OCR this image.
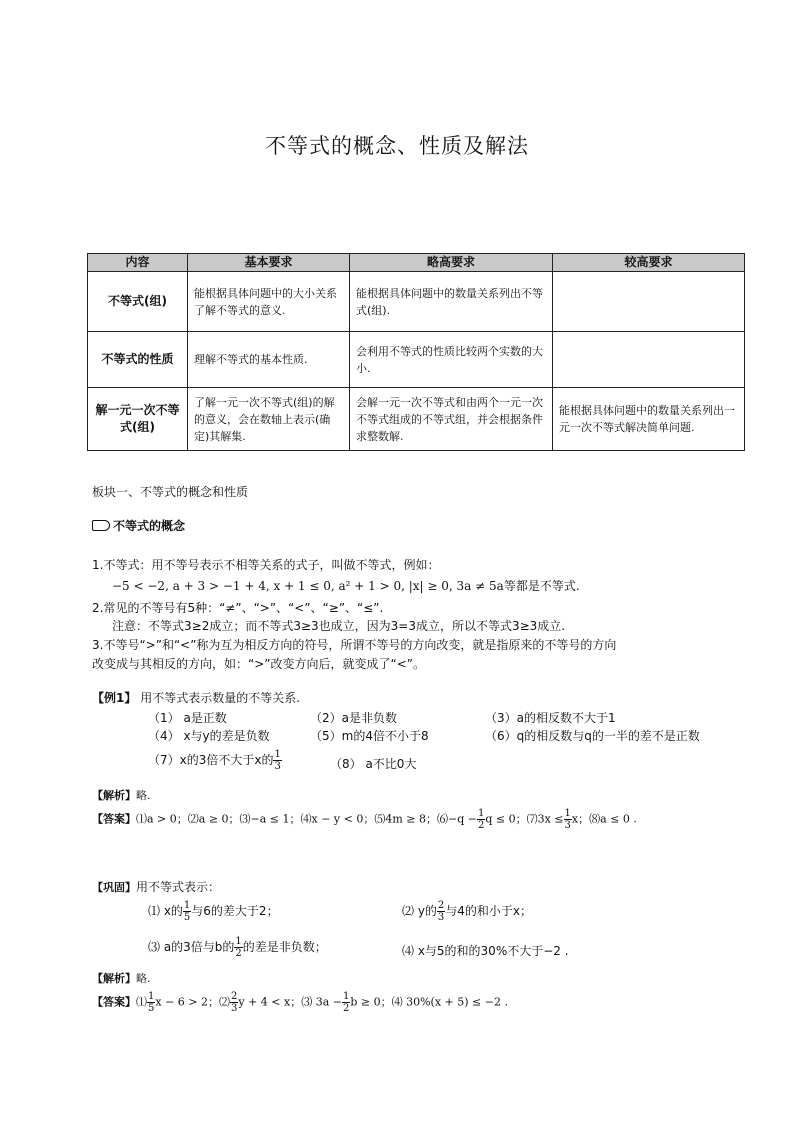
不等式的概念、性质及解法
内容	基本要求	略高要求	较高要求
不等式(组)	能根据具体问题中的大小关系了解不等式的意义.	能根据具体问题中的数量关系列出不等式(组).	
不等式的性质	理解不等式的基本性质.	会利用不等式的性质比较两个实数的大小.	
解一元一次不等式(组)	了解一元一次不等式(组)的解的意义，会在数轴上表示(确定)其解集.	会解一元一次不等式和由两个一元一次不等式组成的不等式组，并会根据条件求整数解.	能根据具体问题中的数量关系列出一元一次不等式解决简单问题.
板块一、不等式的概念和性质
不等式的概念
1.不等式：用不等号表示不相等关系的式子，叫做不等式，例如：
−5 < −2, a + 3 > −1 + 4, x + 1 ≤ 0, a² + 1 > 0, |x| ≥ 0, 3a ≠ 5a等都是不等式.
2.常见的不等号有5种：“≠”、“>”、“<”、“≥”、“≤”.
注意：不等式3≥2成立；而不等式3≥3也成立，因为3=3成立，所以不等式3≥3成立.
3.不等号“>”和“<”称为互为相反方向的符号，所谓不等号的方向改变，就是指原来的不等号的方向
改变成与其相反的方向，如：“>”改变方向后，就变成了“<”。
【例1】 用不等式表示数量的不等关系.
（1） a是正数	（2）a是非负数	（3）a的相反数不大于1
（4） x与y的差是负数	（5）m的4倍不小于8	（6）q的相反数与q的一半的差不是正数
（7）x的3倍不大于x的 $\frac{1}{3}$	（8） a不比0大
【解析】略.
【答案】⑴a > 0；⑵a ≥ 0；⑶−a ≤ 1；⑷x − y < 0；⑸4m ≥ 8；⑹−q − $\frac{1}{2}$ q ≤ 0；⑺3x ≤ $\frac{1}{3}$ x；⑻a ≤ 0 .
【巩固】用不等式表示：
⑴ x的 $\frac{1}{5}$ 与6的差大于2；	⑵ y的 $\frac{2}{3}$ 与4的和小于x；
⑶ a的3倍与b的 $\frac{1}{2}$ 的差是非负数；	⑷ x与5的和的30%不大于−2 .
【解析】略.
【答案】⑴ $\frac{1}{5}$ x − 6 > 2；⑵ $\frac{2}{3}$ y + 4 < x；⑶ $3a - \frac{1}{2}$ b ≥ 0；⑷ 30%(x + 5) ≤ −2 .
